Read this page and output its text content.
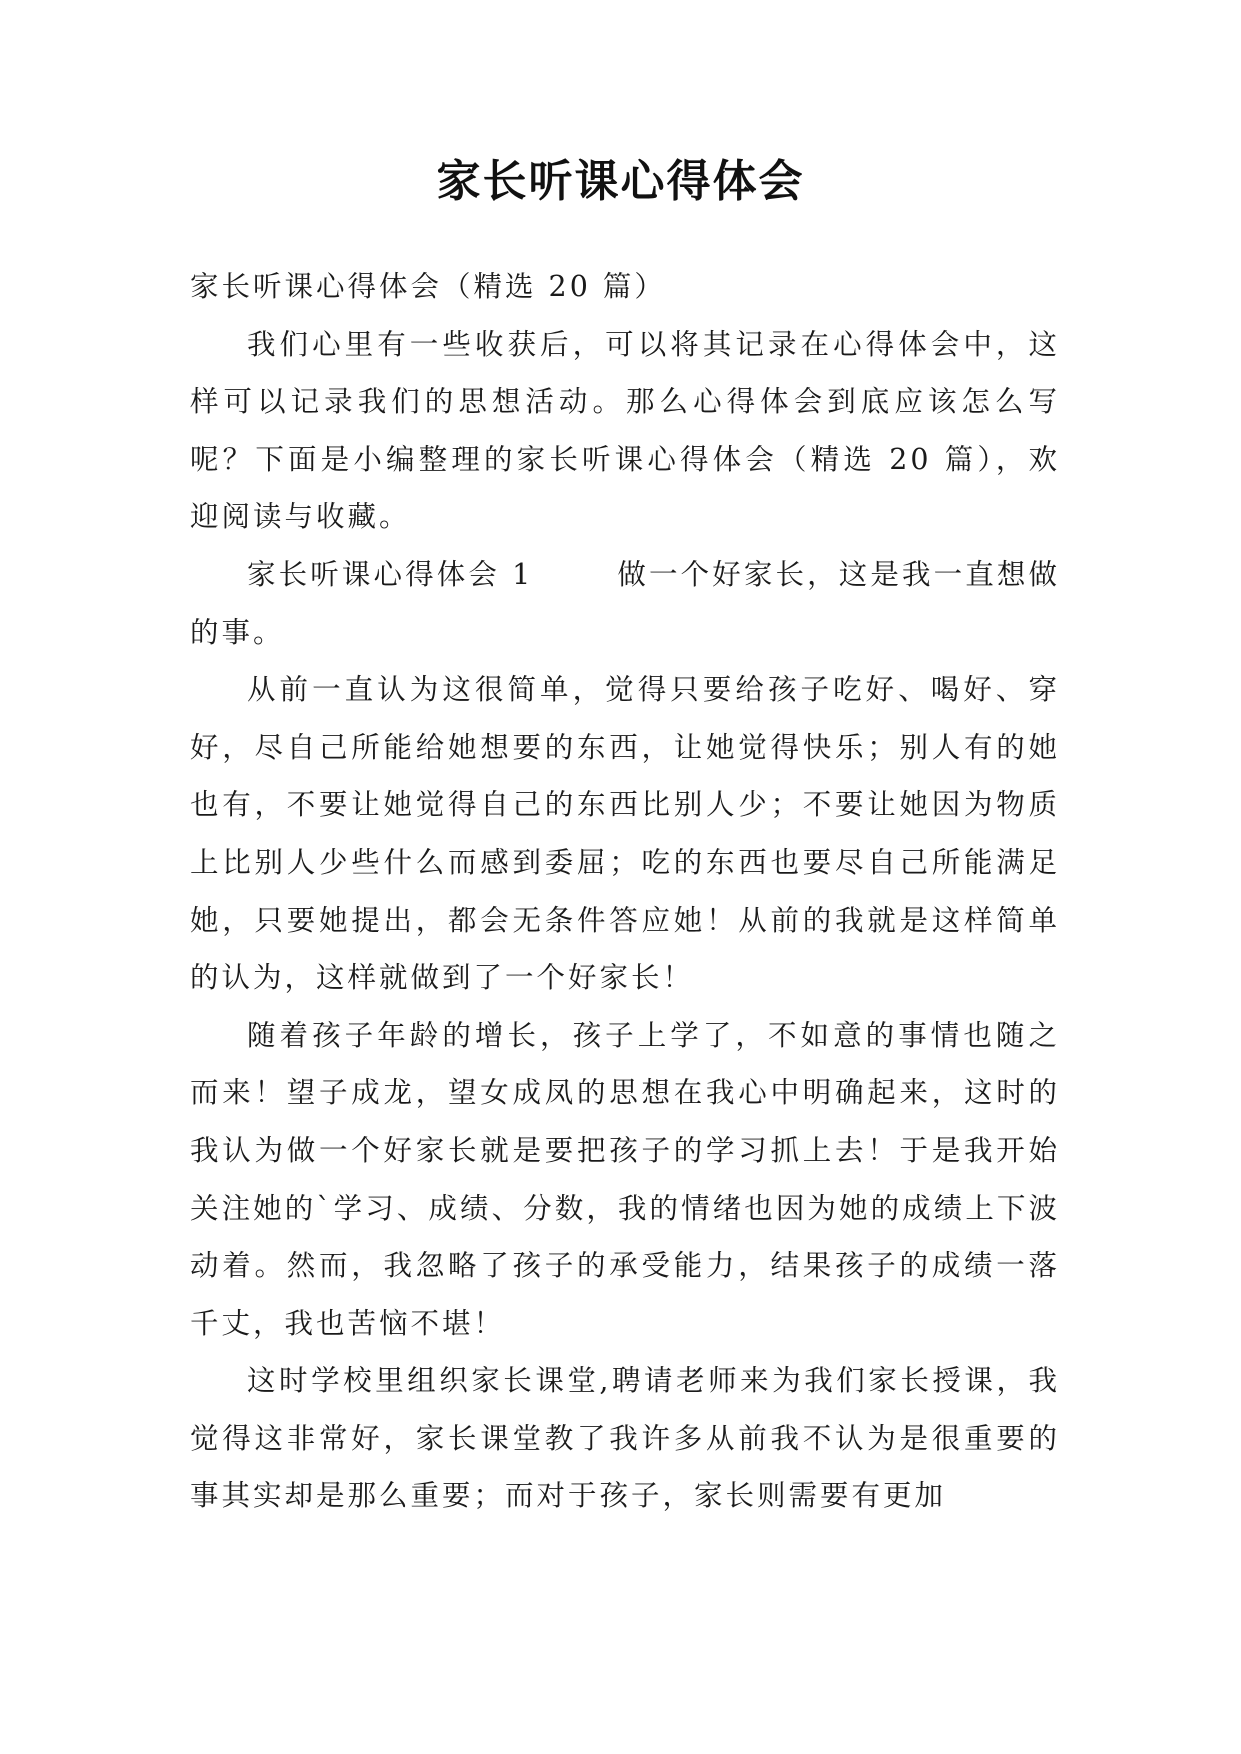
家长听课心得体会

家长听课心得体会（精选 20 篇）

我们心里有一些收获后，可以将其记录在心得体会中，这样可以记录我们的思想活动。那么心得体会到底应该怎么写呢？下面是小编整理的家长听课心得体会（精选 20 篇），欢迎阅读与收藏。

家长听课心得体会 1	做一个好家长，这是我一直想做的事。

从前一直认为这很简单，觉得只要给孩子吃好、喝好、穿好，尽自己所能给她想要的东西，让她觉得快乐；别人有的她也有，不要让她觉得自己的东西比别人少；不要让她因为物质上比别人少些什么而感到委屈；吃的东西也要尽自己所能满足她，只要她提出，都会无条件答应她！从前的我就是这样简单的认为，这样就做到了一个好家长！

随着孩子年龄的增长，孩子上学了，不如意的事情也随之而来！望子成龙，望女成凤的思想在我心中明确起来，这时的我认为做一个好家长就是要把孩子的学习抓上去！于是我开始关注她的`学习、成绩、分数，我的情绪也因为她的成绩上下波动着。然而，我忽略了孩子的承受能力，结果孩子的成绩一落千丈，我也苦恼不堪！

这时学校里组织家长课堂,聘请老师来为我们家长授课，我觉得这非常好，家长课堂教了我许多从前我不认为是很重要的事其实却是那么重要；而对于孩子，家长则需要有更加
